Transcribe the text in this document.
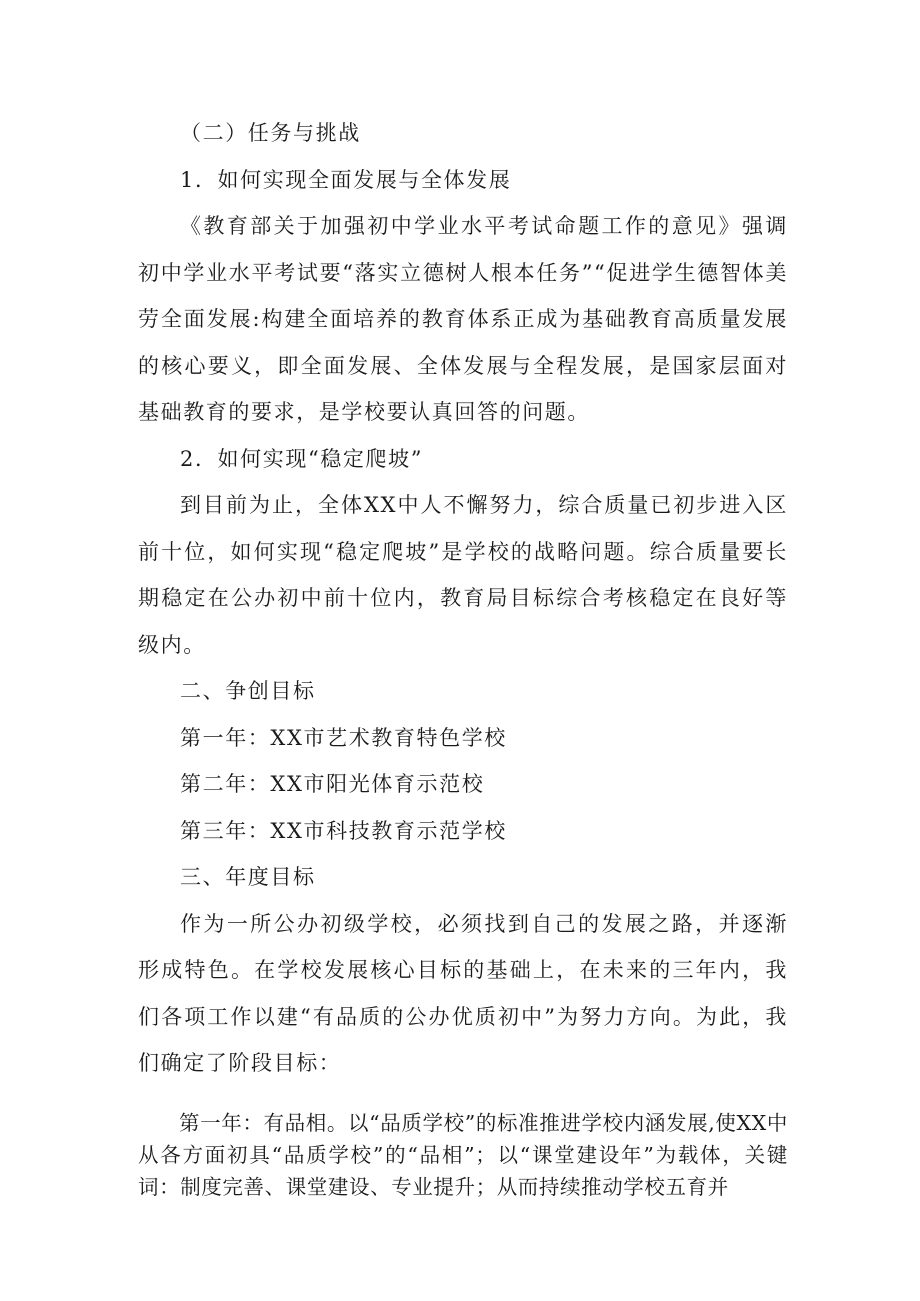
（二）任务与挑战

1．如何实现全面发展与全体发展

《教育部关于加强初中学业水平考试命题工作的意见》强调初中学业水平考试要“落实立德树人根本任务”“促进学生德智体美劳全面发展:构建全面培养的教育体系正成为基础教育高质量发展的核心要义，即全面发展、全体发展与全程发展，是国家层面对基础教育的要求，是学校要认真回答的问题。

2．如何实现“稳定爬坡”

到目前为止，全体XX中人不懈努力，综合质量已初步进入区前十位，如何实现“稳定爬坡”是学校的战略问题。综合质量要长期稳定在公办初中前十位内，教育局目标综合考核稳定在良好等级内。

二、争创目标

第一年：XX市艺术教育特色学校

第二年：XX市阳光体育示范校

第三年：XX市科技教育示范学校

三、年度目标

作为一所公办初级学校，必须找到自己的发展之路，并逐渐形成特色。在学校发展核心目标的基础上，在未来的三年内，我们各项工作以建“有品质的公办优质初中”为努力方向。为此，我们确定了阶段目标：

第一年：有品相。以“品质学校”的标准推进学校内涵发展,使XX中从各方面初具“品质学校”的“品相”；以“课堂建设年”为载体，关键词：制度完善、课堂建设、专业提升；从而持续推动学校五育并
